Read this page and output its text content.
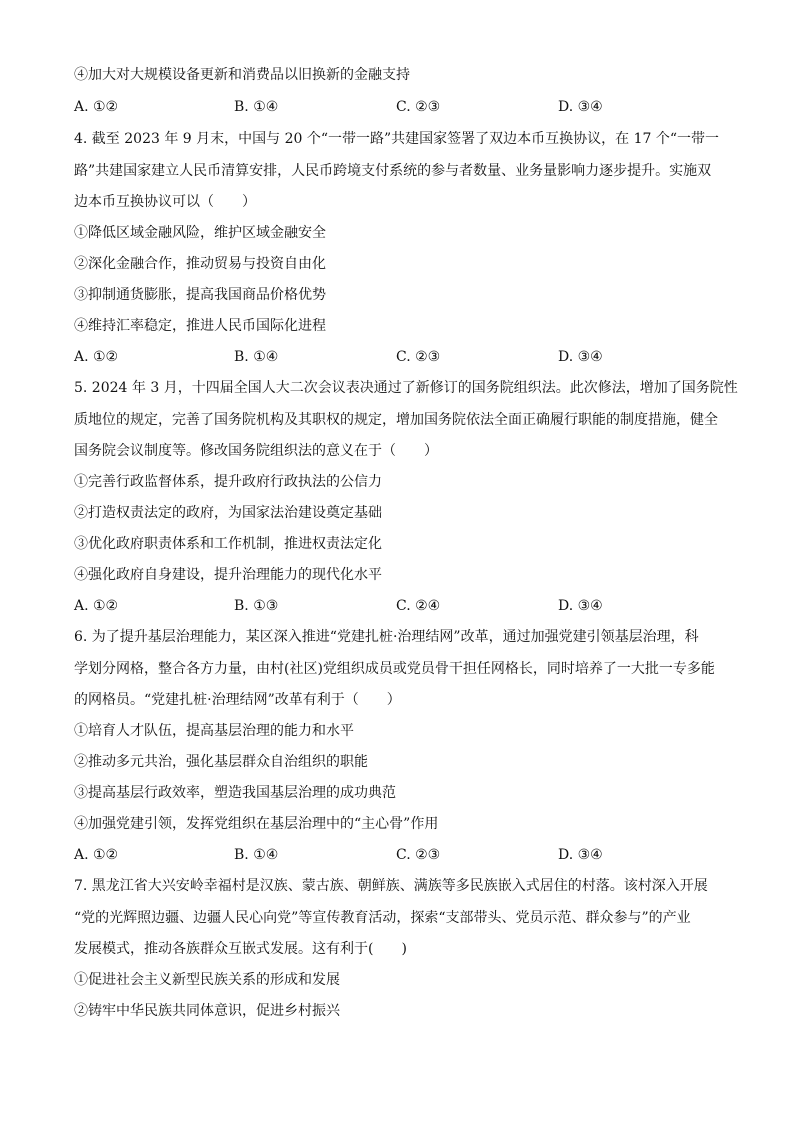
④加大对大规模设备更新和消费品以旧换新的金融支持
A. ①②	B. ①④	C. ②③	D. ③④
4. 截至 2023 年 9 月末，中国与 20 个“一带一路”共建国家签署了双边本币互换协议，在 17 个“一带一
路”共建国家建立人民币清算安排，人民币跨境支付系统的参与者数量、业务量影响力逐步提升。实施双
边本币互换协议可以（　　）
①降低区域金融风险，维护区域金融安全
②深化金融合作，推动贸易与投资自由化
③抑制通货膨胀，提高我国商品价格优势
④维持汇率稳定，推进人民币国际化进程
A. ①②	B. ①④	C. ②③	D. ③④
5. 2024 年 3 月，十四届全国人大二次会议表决通过了新修订的国务院组织法。此次修法，增加了国务院性
质地位的规定，完善了国务院机构及其职权的规定，增加国务院依法全面正确履行职能的制度措施，健全
国务院会议制度等。修改国务院组织法的意义在于（　　）
①完善行政监督体系，提升政府行政执法的公信力
②打造权责法定的政府，为国家法治建设奠定基础
③优化政府职责体系和工作机制，推进权责法定化
④强化政府自身建设，提升治理能力的现代化水平
A. ①②	B. ①③	C. ②④	D. ③④
6. 为了提升基层治理能力，某区深入推进“党建扎桩·治理结网”改革，通过加强党建引领基层治理，科
学划分网格，整合各方力量，由村(社区)党组织成员或党员骨干担任网格长，同时培养了一大批一专多能
的网格员。“党建扎桩·治理结网”改革有利于（　　）
①培育人才队伍，提高基层治理的能力和水平
②推动多元共治，强化基层群众自治组织的职能
③提高基层行政效率，塑造我国基层治理的成功典范
④加强党建引领，发挥党组织在基层治理中的“主心骨”作用
A. ①②	B. ①④	C. ②③	D. ③④
7. 黑龙江省大兴安岭幸福村是汉族、蒙古族、朝鲜族、满族等多民族嵌入式居住的村落。该村深入开展
“党的光辉照边疆、边疆人民心向党”等宣传教育活动，探索“支部带头、党员示范、群众参与”的产业
发展模式，推动各族群众互嵌式发展。这有利于(　　)
①促进社会主义新型民族关系的形成和发展
②铸牢中华民族共同体意识，促进乡村振兴
